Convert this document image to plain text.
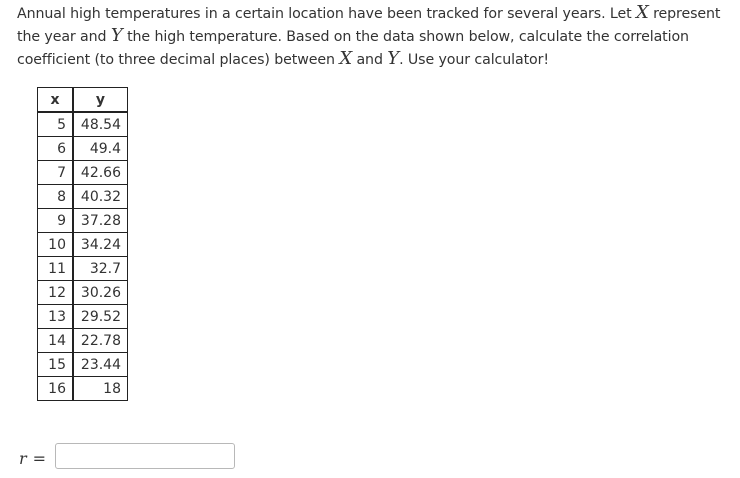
Annual high temperatures in a certain location have been tracked for several years. Let X represent the year and Y the high temperature. Based on the data shown below, calculate the correlation coefficient (to three decimal places) between X and Y. Use your calculator!
x	y
5	48.54
6	49.4
7	42.66
8	40.32
9	37.28
10	34.24
11	32.7
12	30.26
13	29.52
14	22.78
15	23.44
16	18
r =
